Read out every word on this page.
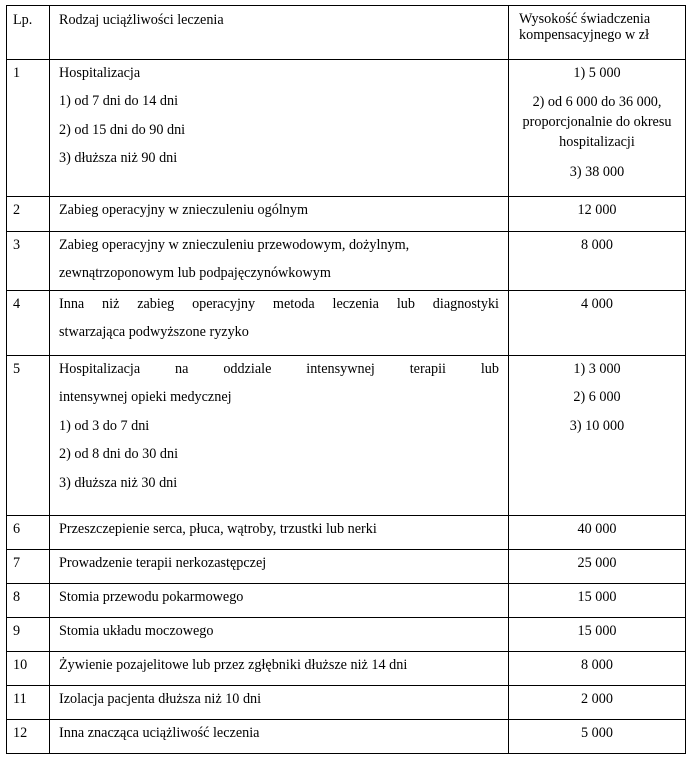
Lp.	Rodzaj uciążliwości leczenia	Wysokość świadczenia
kompensacyjnego w zł

1	Hospitalizacja
1) od 7 dni do 14 dni
2) od 15 dni do 90 dni
3) dłuższa niż 90 dni	1) 5 000
2) od 6 000 do 36 000, proporcjonalnie do okresu hospitalizacji
3) 38 000

2	Zabieg operacyjny w znieczuleniu ogólnym	12 000

3	Zabieg operacyjny w znieczuleniu przewodowym, dożylnym,
zewnątrzoponowym lub podpajęczynówkowym	8 000

4	Inna niż zabieg operacyjny metoda leczenia lub diagnostyki
stwarzająca podwyższone ryzyko	4 000

5	Hospitalizacja na oddziale intensywnej terapii lub
intensywnej opieki medycznej
1) od 3 do 7 dni
2) od 8 dni do 30 dni
3) dłuższa niż 30 dni	1) 3 000
2) 6 000
3) 10 000

6	Przeszczepienie serca, płuca, wątroby, trzustki lub nerki	40 000

7	Prowadzenie terapii nerkozastępczej	25 000

8	Stomia przewodu pokarmowego	15 000

9	Stomia układu moczowego	15 000

10	Żywienie pozajelitowe lub przez zgłębniki dłuższe niż 14 dni	8 000

11	Izolacja pacjenta dłuższa niż 10 dni	2 000

12	Inna znacząca uciążliwość leczenia	5 000
